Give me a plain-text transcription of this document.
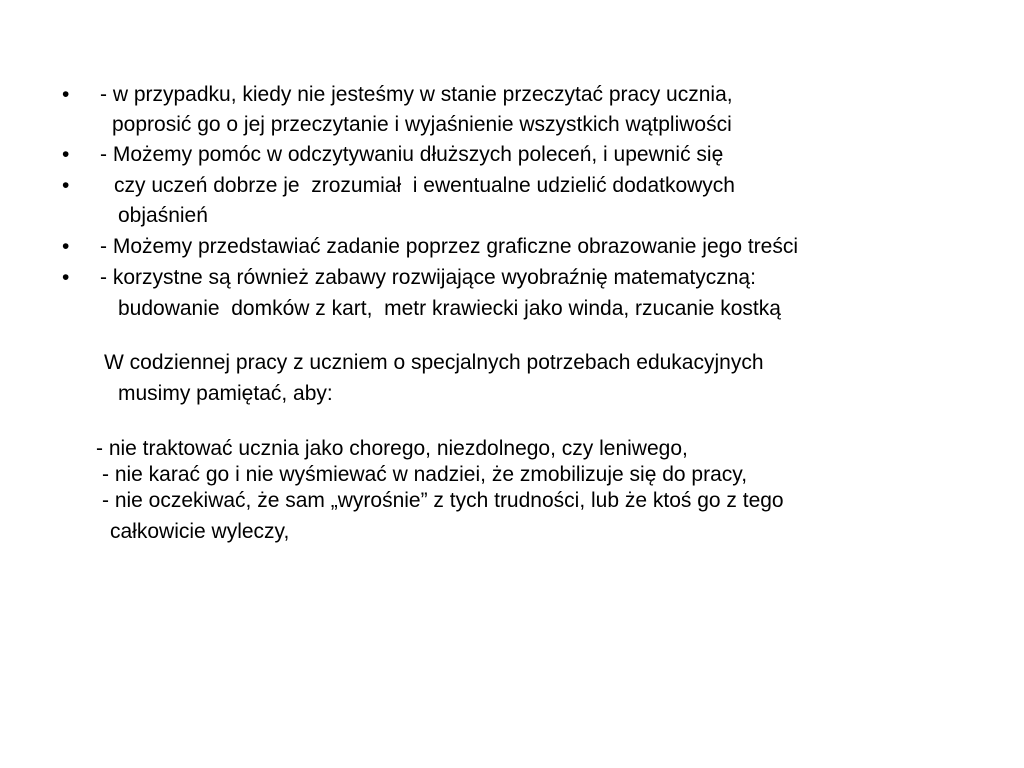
• - w przypadku, kiedy nie jesteśmy w stanie przeczytać pracy ucznia,
poprosić go o jej przeczytanie i wyjaśnienie wszystkich wątpliwości
• - Możemy pomóc w odczytywaniu dłuższych poleceń, i upewnić się
• czy uczeń dobrze je  zrozumiał  i ewentualne udzielić dodatkowych
objaśnień
• - Możemy przedstawiać zadanie poprzez graficzne obrazowanie jego treści
• - korzystne są również zabawy rozwijające wyobraźnię matematyczną:
budowanie  domków z kart,  metr krawiecki jako winda, rzucanie kostką
W codziennej pracy z uczniem o specjalnych potrzebach edukacyjnych
musimy pamiętać, aby:
- nie traktować ucznia jako chorego, niezdolnego, czy leniwego,
- nie karać go i nie wyśmiewać w nadziei, że zmobilizuje się do pracy,
- nie oczekiwać, że sam „wyrośnie” z tych trudności, lub że ktoś go z tego
całkowicie wyleczy,
